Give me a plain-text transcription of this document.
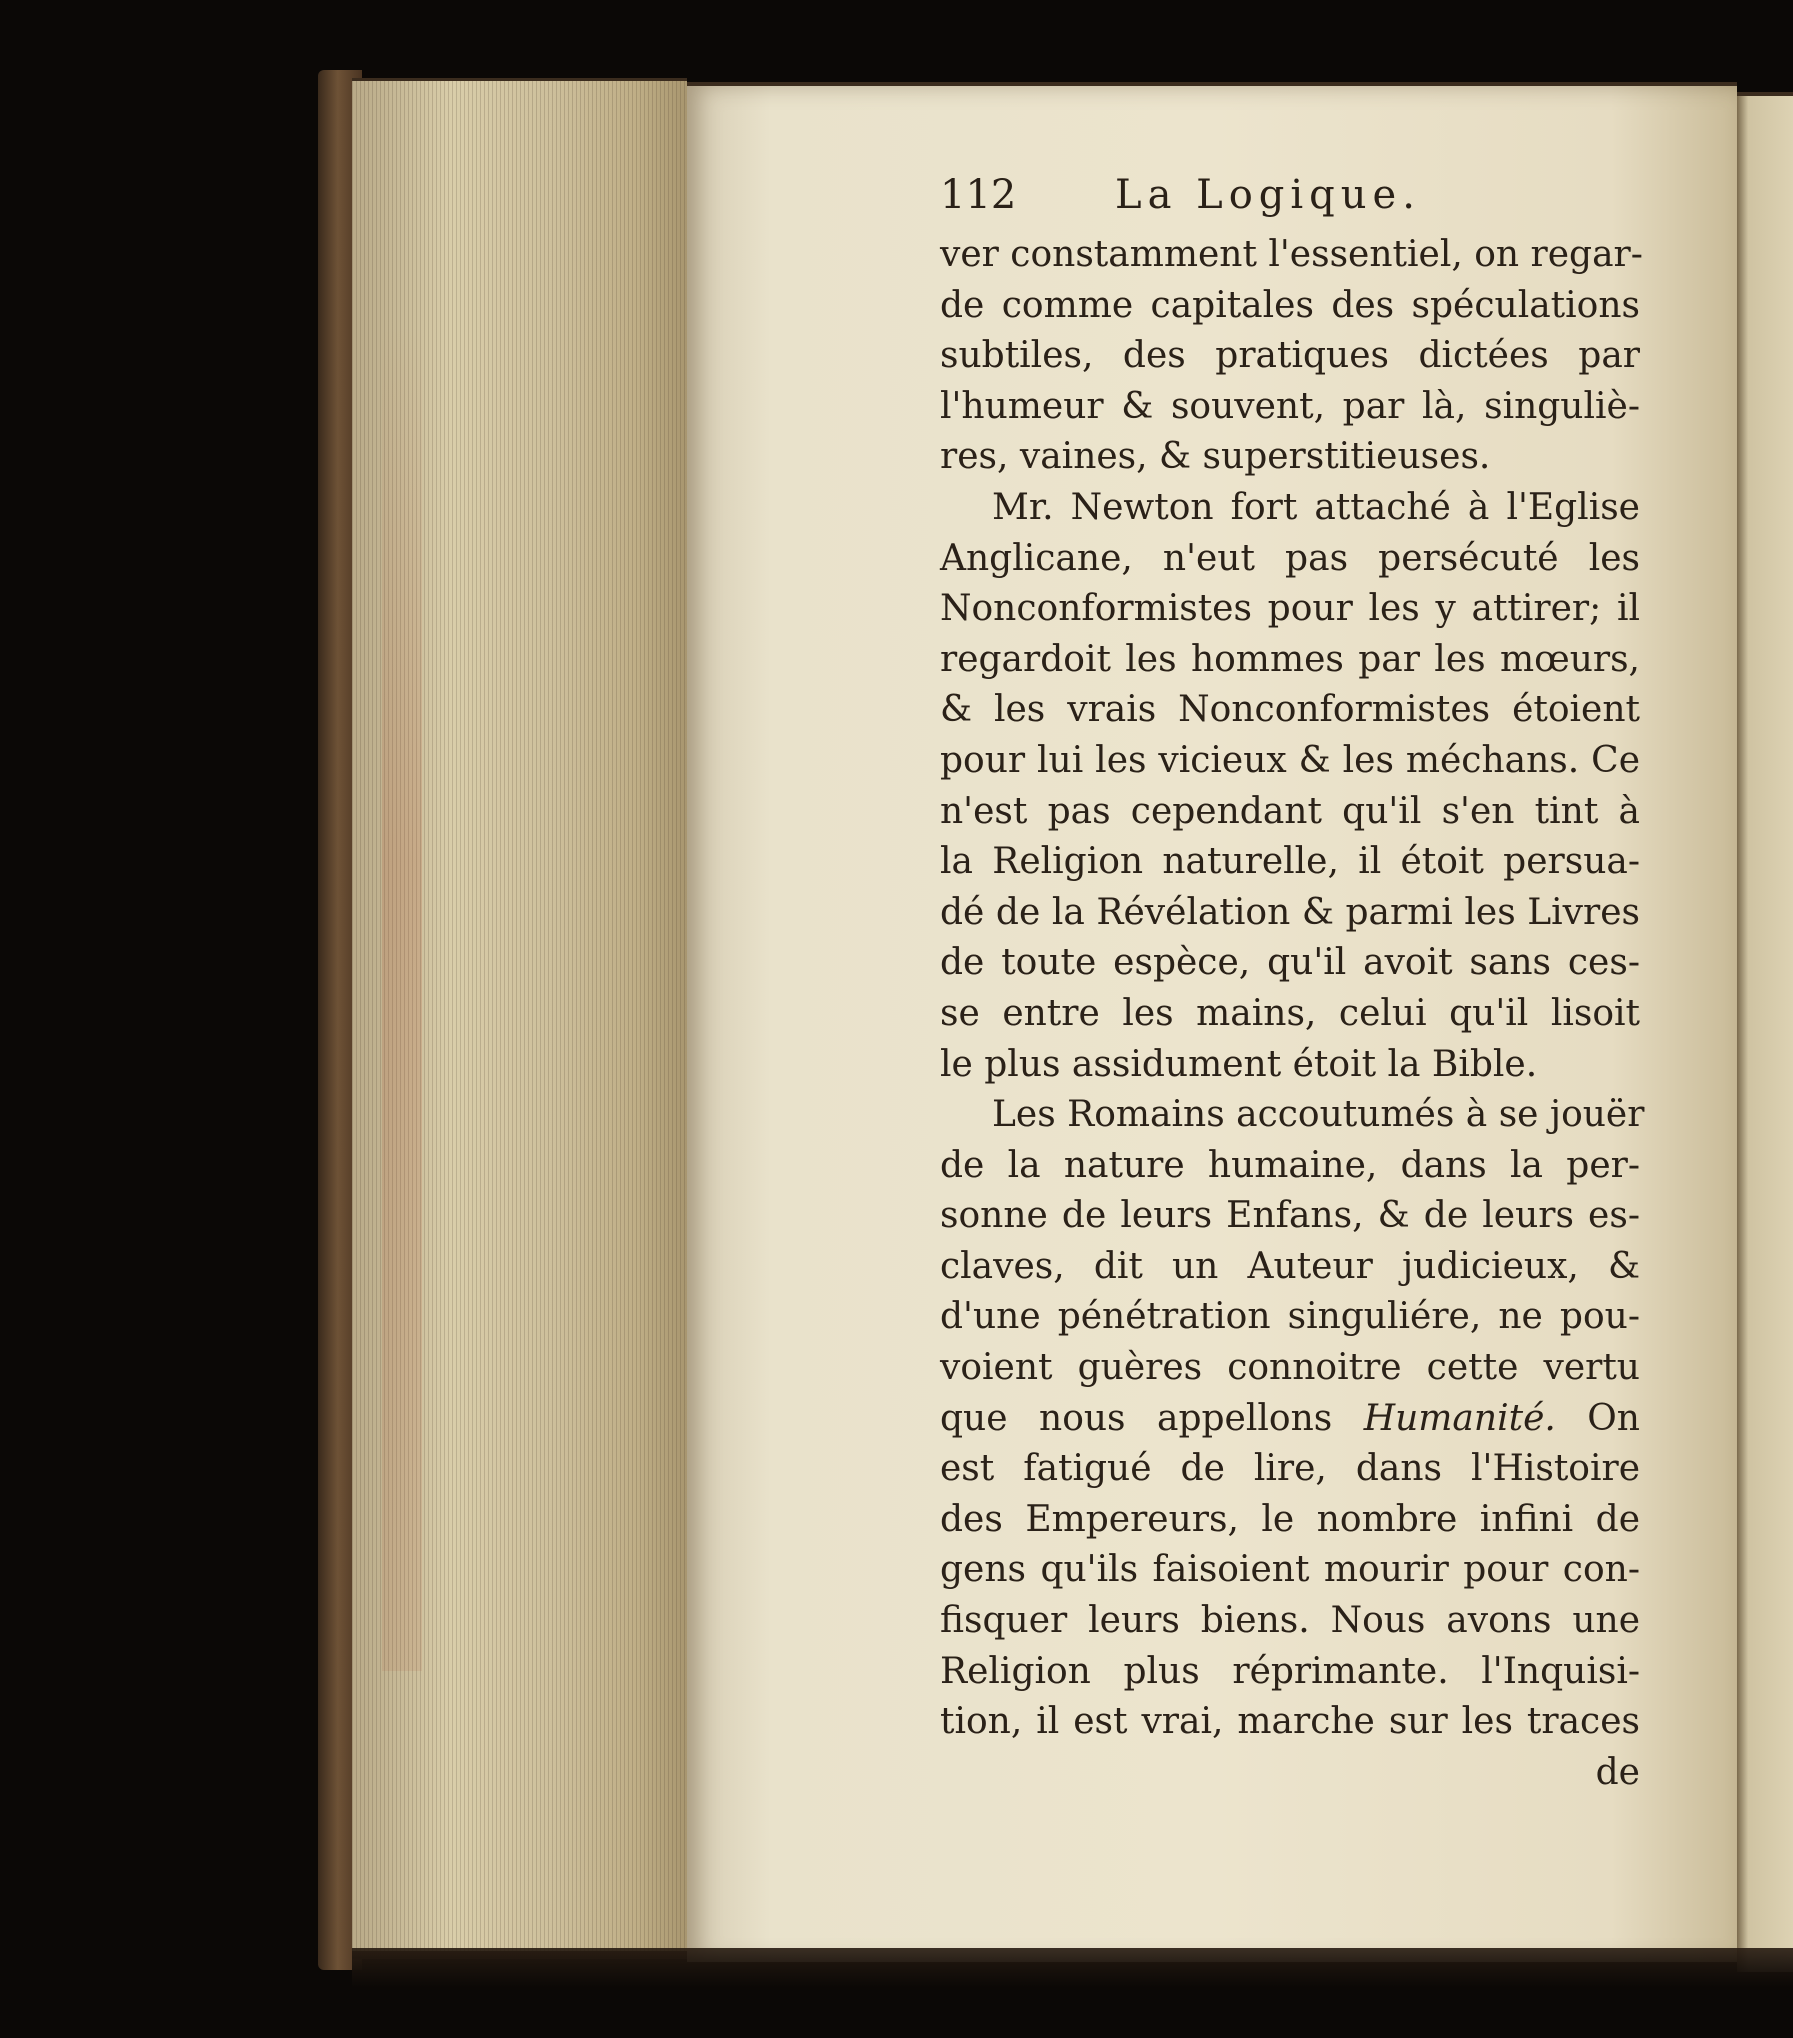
112 La Logique.
ver constamment l'essentiel, on regar-
de comme capitales des spéculations
subtiles, des pratiques dictées par
l'humeur & souvent, par là, singuliè-
res, vaines, & superstitieuses.
Mr. Newton fort attaché à l'Eglise
Anglicane, n'eut pas persécuté les
Nonconformistes pour les y attirer; il
regardoit les hommes par les mœurs,
& les vrais Nonconformistes étoient
pour lui les vicieux & les méchans. Ce
n'est pas cependant qu'il s'en tint à
la Religion naturelle, il étoit persua-
dé de la Révélation & parmi les Livres
de toute espèce, qu'il avoit sans ces-
se entre les mains, celui qu'il lisoit
le plus assidument étoit la Bible.
Les Romains accoutumés à se jouër
de la nature humaine, dans la per-
sonne de leurs Enfans, & de leurs es-
claves, dit un Auteur judicieux, &
d'une pénétration singuliére, ne pou-
voient guères connoitre cette vertu
que nous appellons Humanité. On
est fatigué de lire, dans l'Histoire
des Empereurs, le nombre infini de
gens qu'ils faisoient mourir pour con-
fisquer leurs biens. Nous avons une
Religion plus réprimante. l'Inquisi-
tion, il est vrai, marche sur les traces
de
